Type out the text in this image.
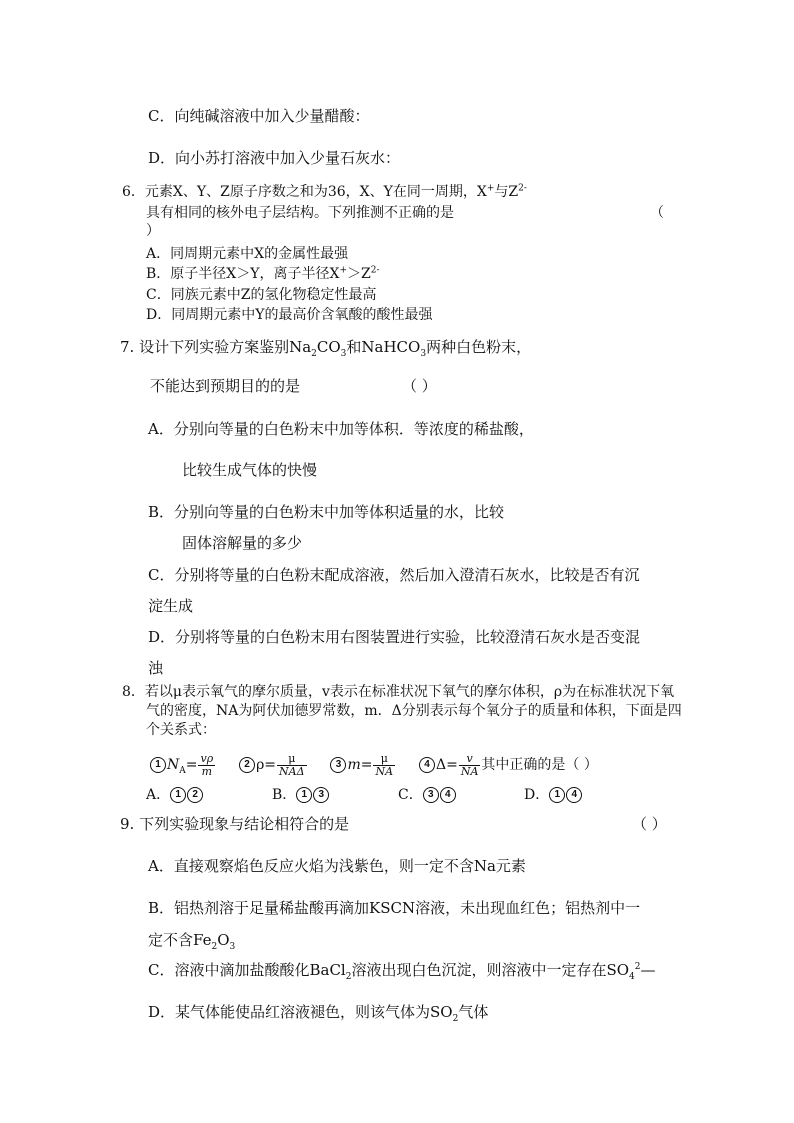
C．向纯碱溶液中加入少量醋酸：
D．向小苏打溶液中加入少量石灰水：
6．元素X、Y、Z原子序数之和为36，X、Y在同一周期，X+与$Z^{2-}$
具有相同的核外电子层结构。下列推测不正确的是	（
）
A．同周期元素中X的金属性最强
B．原子半径X＞Y，离子半径$X^+>Z^{2-}$
C．同族元素中Z的氢化物稳定性最高
D．同周期元素中Y的最高价含氧酸的酸性最强
7. 设计下列实验方案鉴别$Na_2CO_3$和NaHCO$_3$两种白色粉末，
不能达到预期目的的是	（ ）
A．分别向等量的白色粉末中加等体积．等浓度的稀盐酸，
比较生成气体的快慢
B．分别向等量的白色粉末中加等体积适量的水，比较
固体溶解量的多少
C．分别将等量的白色粉末配成溶液，然后加入澄清石灰水，比较是否有沉
淀生成
D．分别将等量的白色粉末用右图装置进行实验，比较澄清石灰水是否变混
浊
8．若以μ表示氧气的摩尔质量，v表示在标准状况下氧气的摩尔体积，ρ为在标准状况下氧
气的密度，NA为阿伏加德罗常数，m．Δ分别表示每个氧分子的质量和体积，下面是四
个关系式：
1 $N_A= \frac{v\rho}{m}$	2 $\rho= \frac{\mu}{\text{NAΔ}}$	3 $m= \frac{\mu}{NA}$	4 $\Delta= \frac{v}{NA}$ 其中正确的是（ ）
A． 1 2	B． 1 3	C． 3 4	D． 1 4
9. 下列实验现象与结论相符合的是	（ ）
A．直接观察焰色反应火焰为浅紫色，则一定不含Na元素
B．铝热剂溶于足量稀盐酸再滴加KSCN溶液，未出现血红色；铝热剂中一
定不含$Fe_2O_3$
C．溶液中滴加盐酸酸化BaCl$_2$溶液出现白色沉淀，则溶液中一定存在$SO_4^2—$
D．某气体能使品红溶液褪色，则该气体为$SO_2$气体
